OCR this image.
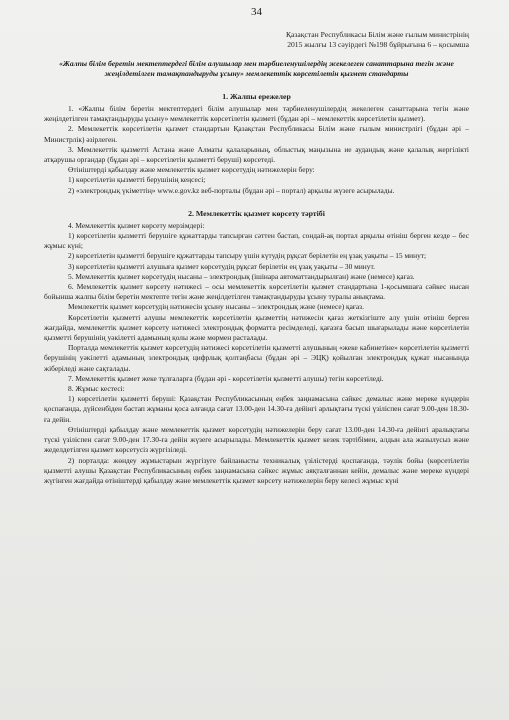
34
Қазақстан Республикасы Білім және ғылым министрінің
2015 жылғы 13 сәуірдегі №198 бұйрығына 6 – қосымша
«Жалпы білім беретін мектептердегі білім алушылар мен тәрбиеленушілердің жекелеген санаттарына тегін және жеңілдетілген тамақтандыруды ұсыну» мемлекеттік көрсетілетін қызмет стандарты
1. Жалпы ережелер

1. «Жалпы білім беретін мектептердегі білім алушылар мен тәрбиеленушілердің жекелеген санаттарына тегін және жеңілдетілген тамақтандыруды ұсыну» мемлекеттік көрсетілетін қызметі (бұдан әрі – мемлекеттік көрсетілетін қызмет).

2. Мемлекеттік көрсетілетін қызмет стандартын Қазақстан Республикасы Білім және ғылым министрлігі (бұдан әрі – Министрлік) әзірлеген.

3. Мемлекеттік қызметті Астана және Алматы қалаларының, облыстық маңызына ие аудандық және қалалық жергілікті атқарушы органдар (бұдан әрі – көрсетілетін қызметті беруші) көрсетеді.

Өтініштерді қабылдау және мемлекеттік қызмет көрсетудің нәтижелерін беру:

1) көрсетілетін қызметті берушінің кеңсесі;

2) «электрондық үкіметтің» www.e.gov.kz веб-порталы (бұдан әрі – портал) арқылы жүзеге асырылады.

2. Мемлекеттік қызмет көрсету тәртібі

4. Мемлекеттік қызмет көрсету мерзімдері:

1) көрсетілетін қызметті берушіге құжаттарды тапсырған сәттен бастап, сондай-ақ портал арқылы өтініш берген кезде – бес жұмыс күні;

2) көрсетілетін қызметті берушіге құжаттарды тапсыру үшін күтудің рұқсат берілетін ең ұзақ уақыты – 15 минут;

3) көрсетілетін қызметті алушыға қызмет көрсетудің рұқсат берілетін ең ұзақ уақыты – 30 минут.

5. Мемлекеттік қызмет көрсетудің нысаны – электрондық (ішінара автоматтандырылған) және (немесе) қағаз.

6. Мемлекеттік қызмет көрсету нәтижесі – осы мемлекеттік көрсетілетін қызмет стандартына 1-қосымшаға сәйкес нысан бойынша жалпы білім беретін мектепте тегін және жеңілдетілген тамақтандыруды ұсыну туралы анықтама.

Мемлекеттік қызмет көрсетудің нәтижесін ұсыну нысаны – электрондық және (немесе) қағаз.

Көрсетілетін қызметті алушы мемлекеттік көрсетілетін қызметтің нәтижесін қағаз жеткізгіште алу үшін өтініш берген жағдайда, мемлекеттік қызмет көрсету нәтижесі электрондық форматта ресімделеді, қағазға басып шығарылады және көрсетілетін қызметті берушінің уәкілетті адамының қолы және мөрмен расталады.

Порталда мемлекеттік қызмет көрсетудің нәтижесі көрсетілетін қызметті алушының «жеке кабинетіне» көрсетілетін қызметті берушінің уәкілетті адамының электрондық цифрлық қолтаңбасы (бұдан әрі – ЭЦҚ) қойылған электрондық құжат нысанында жіберіледі және сақталады.

7. Мемлекеттік қызмет жеке тұлғаларға (бұдан әрі - көрсетілетін қызметті алушы) тегін көрсетіледі.

8. Жұмыс кестесі:

1) көрсетілетін қызметті беруші: Қазақстан Республикасының еңбек заңнамасына сәйкес демалыс және мереке күндерін қоспағанда, дүйсенбіден бастап жұманы қоса алғанда сағат 13.00-ден 14.30-ға дейінгі арлықтағы түскі үзіліспен сағат 9.00-ден 18.30-ға дейін.

Өтініштерді қабылдау және мемлекеттік қызмет көрсетудің нәтижелерін беру сағат 13.00-ден 14.30-ға дейінгі аралықтағы түскі үзіліспен сағат 9.00-ден 17.30-ға дейін жүзеге асырылады. Мемлекеттік қызмет кезек тәртібімен, алдын ала жазылусыз және жеделдетілген қызмет көрсетусіз жүргізіледі.

2) порталда: жөндеу жұмыстарын жүргізуге байланысты техникалық үзілістерді қоспағанда, тәулік бойы (көрсетілетін қызметті алушы Қазақстан Республикасының еңбек заңнамасына сәйкес жұмыс аяқталғаннан кейін, демалыс және мереке күндері жүгінген жағдайда өтініштерді қабылдау және мемлекеттік қызмет көрсету нәтижелерін беру келесі жұмыс күні
